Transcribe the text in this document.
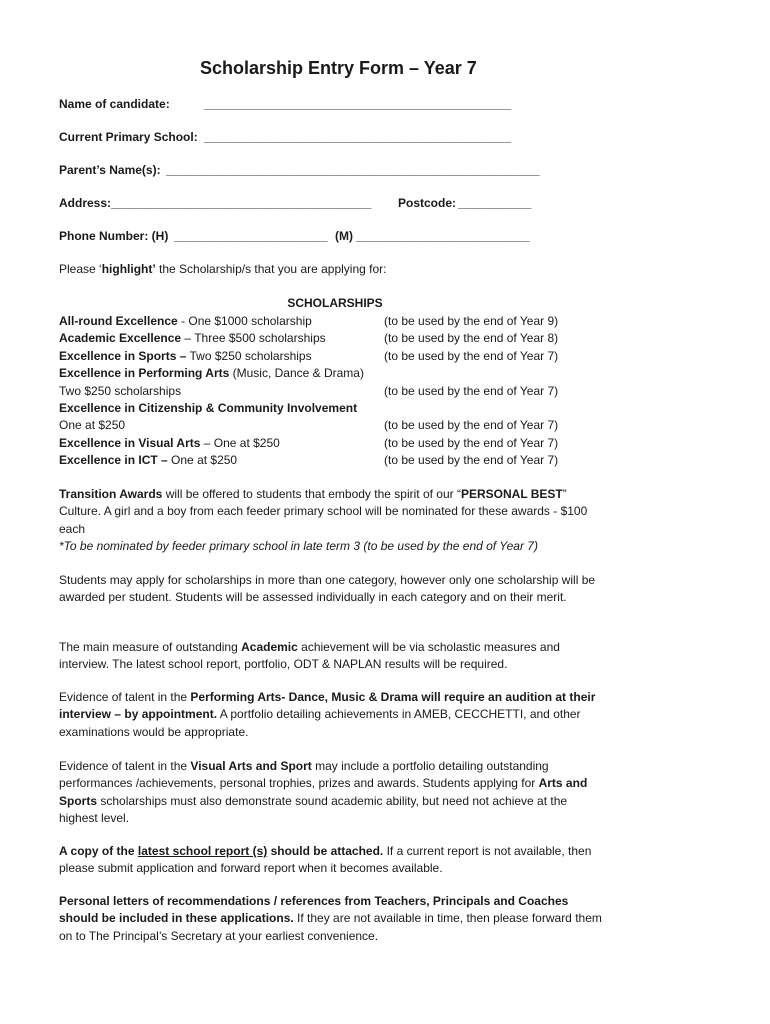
Scholarship Entry Form – Year 7
Name of candidate:	______________________________________________
Current Primary School: ______________________________________________
Parent’s Name(s): ________________________________________________________
Address: _______________________________________ Postcode: ___________
Phone Number: (H) _______________________ (M) __________________________
Please ‘highlight’ the Scholarship/s that you are applying for:
SCHOLARSHIPS
All-round Excellence - One $1000 scholarship	(to be used by the end of Year 9)
Academic Excellence – Three $500 scholarships	(to be used by the end of Year 8)
Excellence in Sports – Two $250 scholarships	(to be used by the end of Year 7)
Excellence in Performing Arts (Music, Dance & Drama)
Two $250 scholarships	(to be used by the end of Year 7)
Excellence in Citizenship & Community Involvement
One at $250	(to be used by the end of Year 7)
Excellence in Visual Arts – One at $250	(to be used by the end of Year 7)
Excellence in ICT – One at $250	(to be used by the end of Year 7)
Transition Awards will be offered to students that embody the spirit of our “PERSONAL BEST” Culture. A girl and a boy from each feeder primary school will be nominated for these awards - $100 each
*To be nominated by feeder primary school in late term 3 (to be used by the end of Year 7)
Students may apply for scholarships in more than one category, however only one scholarship will be awarded per student. Students will be assessed individually in each category and on their merit.
The main measure of outstanding Academic achievement will be via scholastic measures and interview. The latest school report, portfolio, ODT & NAPLAN results will be required.
Evidence of talent in the Performing Arts- Dance, Music & Drama will require an audition at their interview – by appointment. A portfolio detailing achievements in AMEB, CECCHETTI, and other examinations would be appropriate.
Evidence of talent in the Visual Arts and Sport may include a portfolio detailing outstanding performances /achievements, personal trophies, prizes and awards. Students applying for Arts and Sports scholarships must also demonstrate sound academic ability, but need not achieve at the highest level.
A copy of the latest school report (s) should be attached. If a current report is not available, then please submit application and forward report when it becomes available.
Personal letters of recommendations / references from Teachers, Principals and Coaches should be included in these applications. If they are not available in time, then please forward them on to The Principal’s Secretary at your earliest convenience.
